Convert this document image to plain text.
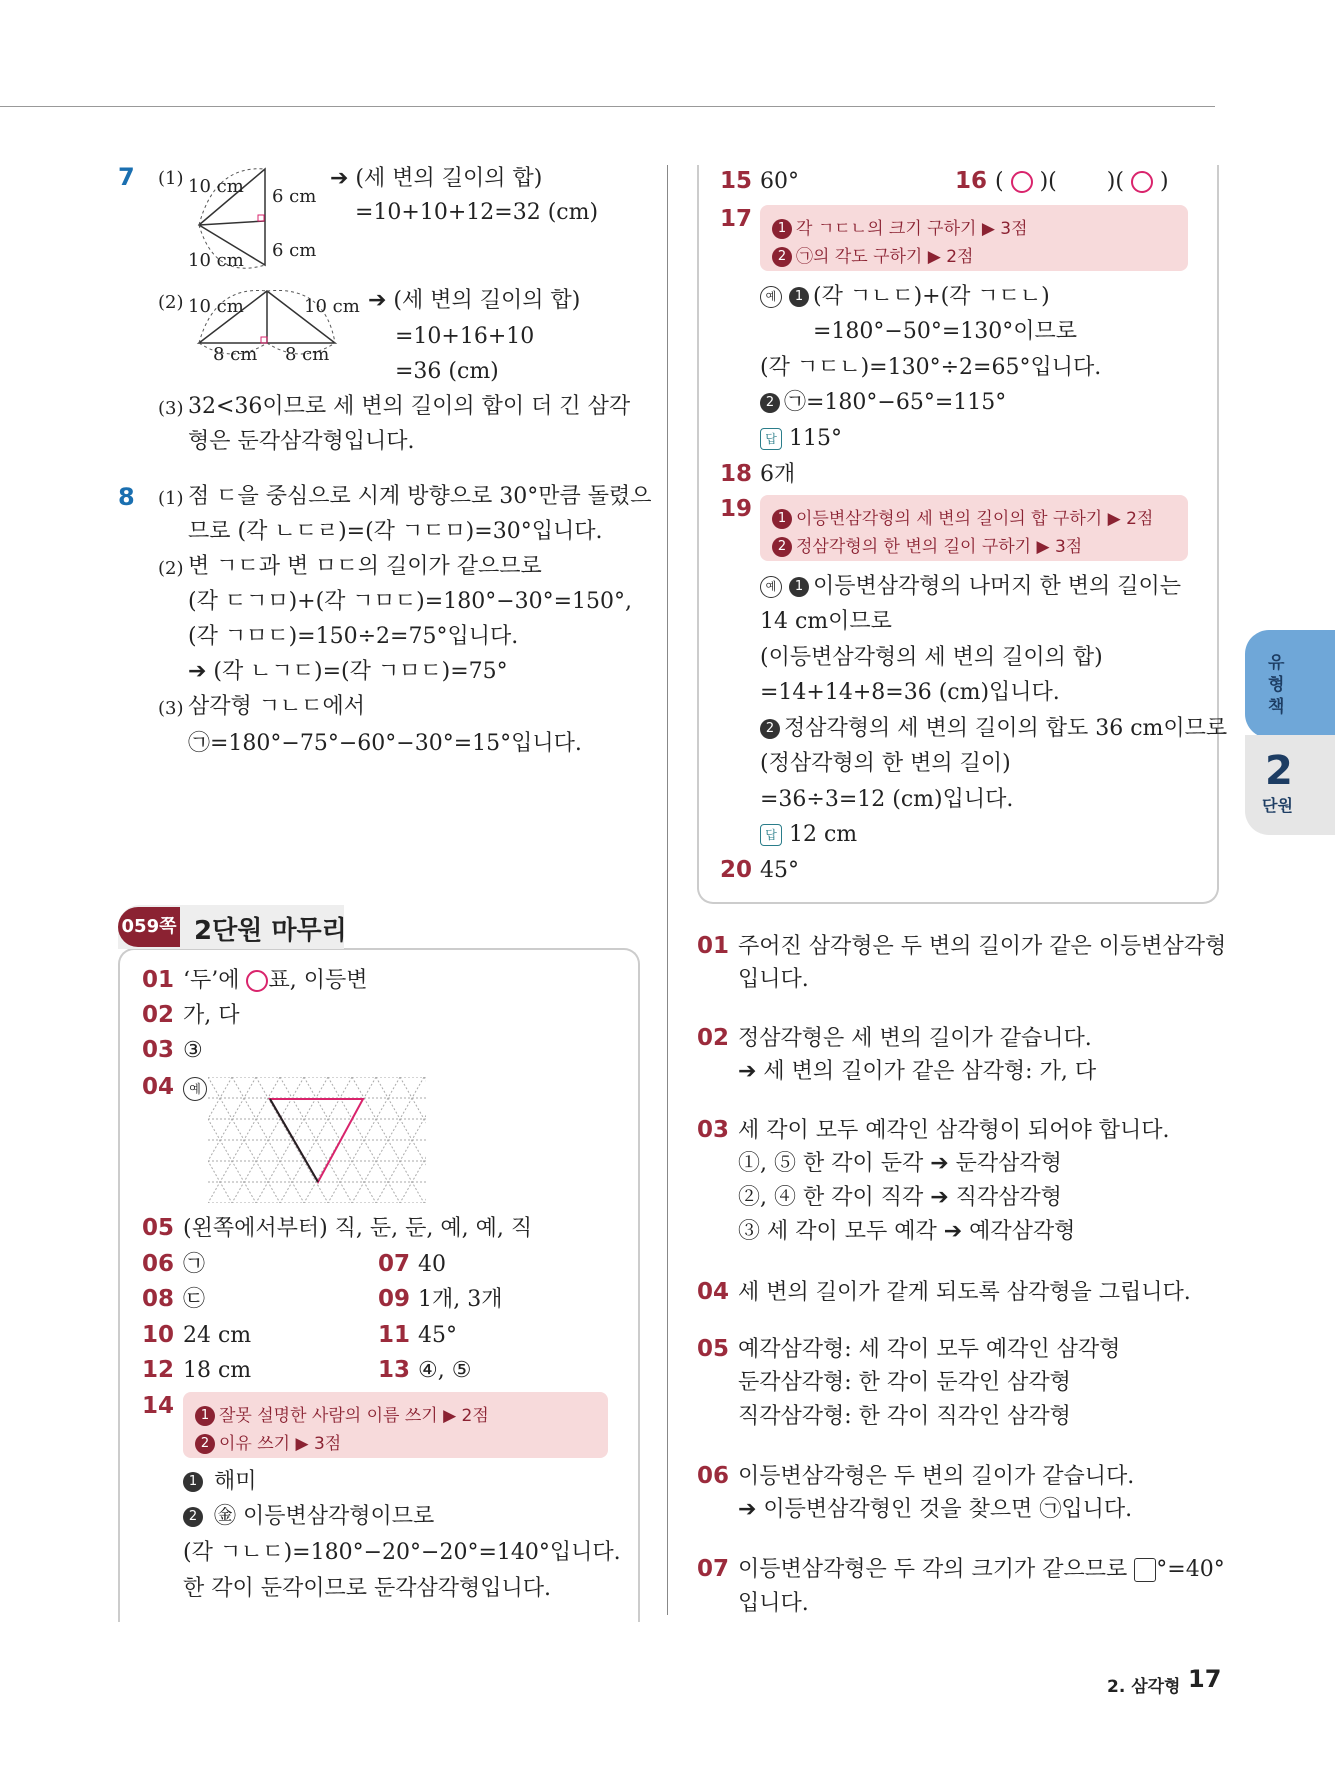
7 (1) 10 cm 6 cm
6 cm
10 cm
➔ (세 변의 길이의 합)
=10+10+12=32 (cm)
(2) 10 cm	10 cm
8 cm 8 cm
➔ (세 변의 길이의 합)
=10+16+10
=36 (cm)
(3) 32<36이므로 세 변의 길이의 합이 더 긴 삼각
형은 둔각삼각형입니다.
8 (1) 점 ㄷ을 중심으로 시계 방향으로 30°만큼 돌렸으
므로 (각 ㄴㄷㄹ)=(각 ㄱㄷㅁ)=30°입니다.
(2) 변 ㄱㄷ과 변 ㅁㄷ의 길이가 같으므로
(각 ㄷㄱㅁ)+(각 ㄱㅁㄷ)=180°−30°=150°,
(각 ㄱㅁㄷ)=150÷2=75°입니다.
➔ (각 ㄴㄱㄷ)=(각 ㄱㅁㄷ)=75°
(3) 삼각형 ㄱㄴㄷ에서
㉠=180°−75°−60°−30°=15°입니다.
059쪽 2단원 마무리
01 ‘두’에 ○표, 이등변
02 가, 다
03 ③
04	예
05 (왼쪽에서부터) 직, 둔, 둔, 예, 예, 직
06 ㉠	07 40
08 ㉢	09 1개, 3개
10 24 cm	11 45°
12 18 cm	13 ④, ⑤
14	1 잘못 설명한 사람의 이름 쓰기 ▶ 2점
2 이유 쓰기 ▶ 3점
1 해미
2 ㊎ 이등변삼각형이므로
(각 ㄱㄴㄷ)=180°−20°−20°=140°입니다.
한 각이 둔각이므로 둔각삼각형입니다.
15 60°	16 ( ○ )( )( ○ )
17	1 각 ㄱㄷㄴ의 크기 구하기 ▶ 3점
2 ㉠의 각도 구하기 ▶ 2점
예 1 (각 ㄱㄴㄷ)+(각 ㄱㄷㄴ)
=180°−50°=130°이므로
(각 ㄱㄷㄴ)=130°÷2=65°입니다.
2 ㉠=180°−65°=115°
답 115°
18 6개
19	1 이등변삼각형의 세 변의 길이의 합 구하기 ▶ 2점
2 정삼각형의 한 변의 길이 구하기 ▶ 3점
예 1 이등변삼각형의 나머지 한 변의 길이는
14 cm이므로
(이등변삼각형의 세 변의 길이의 합)
=14+14+8=36 (cm)입니다.
2 정삼각형의 세 변의 길이의 합도 36 cm이므로
(정삼각형의 한 변의 길이)
=36÷3=12 (cm)입니다.
답 12 cm
20 45°
01 주어진 삼각형은 두 변의 길이가 같은 이등변삼각형
입니다.
02 정삼각형은 세 변의 길이가 같습니다.
➔ 세 변의 길이가 같은 삼각형: 가, 다
03 세 각이 모두 예각인 삼각형이 되어야 합니다.
①, ⑤ 한 각이 둔각 ➔ 둔각삼각형
②, ④ 한 각이 직각 ➔ 직각삼각형
③ 세 각이 모두 예각 ➔ 예각삼각형
04 세 변의 길이가 같게 되도록 삼각형을 그립니다.
05 예각삼각형: 세 각이 모두 예각인 삼각형
둔각삼각형: 한 각이 둔각인 삼각형
직각삼각형: 한 각이 직각인 삼각형
06 이등변삼각형은 두 변의 길이가 같습니다.
➔ 이등변삼각형인 것을 찾으면 ㉠입니다.
07 이등변삼각형은 두 각의 크기가 같으므로 °=40°
입니다.
유형책
2
단원
2. 삼각형 17
